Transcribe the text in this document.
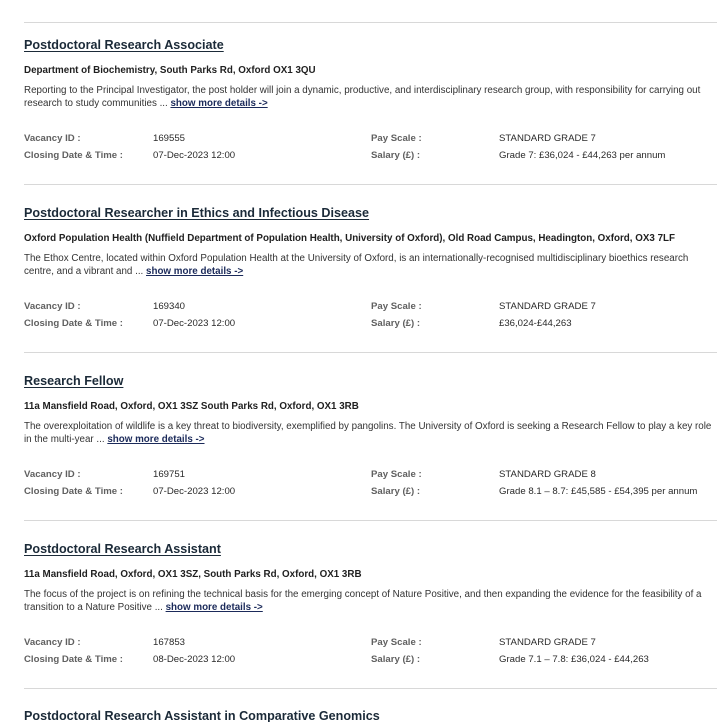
Postdoctoral Research Associate
Department of Biochemistry, South Parks Rd, Oxford OX1 3QU
Reporting to the Principal Investigator, the post holder will join a dynamic, productive, and interdisciplinary research group, with responsibility for carrying out research to study communities ... show more details ->
Vacancy ID :	169555	Pay Scale :	STANDARD GRADE 7
Closing Date & Time :	07-Dec-2023 12:00	Salary (£) :	Grade 7: £36,024 - £44,263 per annum
Postdoctoral Researcher in Ethics and Infectious Disease
Oxford Population Health (Nuffield Department of Population Health, University of Oxford), Old Road Campus, Headington, Oxford, OX3 7LF
The Ethox Centre, located within Oxford Population Health at the University of Oxford, is an internationally-recognised multidisciplinary bioethics research centre, and a vibrant and ... show more details ->
Vacancy ID :	169340	Pay Scale :	STANDARD GRADE 7
Closing Date & Time :	07-Dec-2023 12:00	Salary (£) :	£36,024-£44,263
Research Fellow
11a Mansfield Road, Oxford, OX1 3SZ South Parks Rd, Oxford, OX1 3RB
The overexploitation of wildlife is a key threat to biodiversity, exemplified by pangolins. The University of Oxford is seeking a Research Fellow to play a key role in the multi-year ... show more details ->
Vacancy ID :	169751	Pay Scale :	STANDARD GRADE 8
Closing Date & Time :	07-Dec-2023 12:00	Salary (£) :	Grade 8.1 – 8.7: £45,585 - £54,395 per annum
Postdoctoral Research Assistant
11a Mansfield Road, Oxford, OX1 3SZ, South Parks Rd, Oxford, OX1 3RB
The focus of the project is on refining the technical basis for the emerging concept of Nature Positive, and then expanding the evidence for the feasibility of a transition to a Nature Positive ... show more details ->
Vacancy ID :	167853	Pay Scale :	STANDARD GRADE 7
Closing Date & Time :	08-Dec-2023 12:00	Salary (£) :	Grade 7.1 – 7.8: £36,024 - £44,263
Postdoctoral Research Assistant in Comparative Genomics
